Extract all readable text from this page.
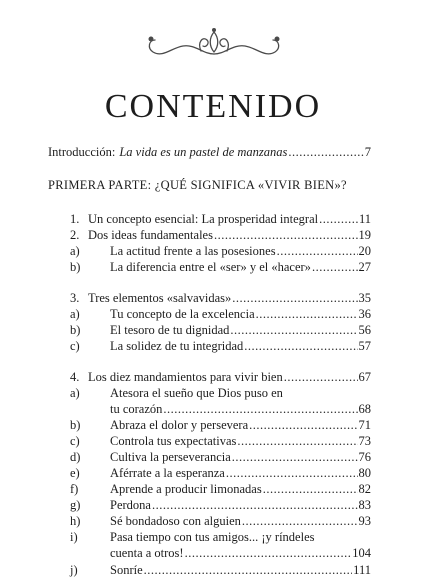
CONTENIDO
Introducción: La vida es un pastel de manzanas .....	7
PRIMERA PARTE: ¿QUÉ SIGNIFICA «VIVIR BIEN»?
1. Un concepto esencial: La prosperidad integral .....	11
2. Dos ideas fundamentales .....	19
a)	La actitud frente a las posesiones .....	20
b)	La diferencia entre el «ser» y el «hacer» .....	27
3. Tres elementos «salvavidas» .....	35
a)	Tu concepto de la excelencia .....	36
b)	El tesoro de tu dignidad .....	56
c)	La solidez de tu integridad .....	57
4. Los diez mandamientos para vivir bien .....	67
a) Atesora el sueño que Dios puso en
tu corazón .....	68
b)	Abraza el dolor y persevera .....	71
c)	Controla tus expectativas .....	73
d)	Cultiva la perseverancia .....	76
e)	Aférrate a la esperanza .....	80
f)	Aprende a producir limonadas .....	82
g)	Perdona .....	83
h)	Sé bondadoso con alguien .....	93
i)	Pasa tiempo con tus amigos... ¡y ríndeles
cuenta a otros! .....	104
j)	Sonríe .....	111
